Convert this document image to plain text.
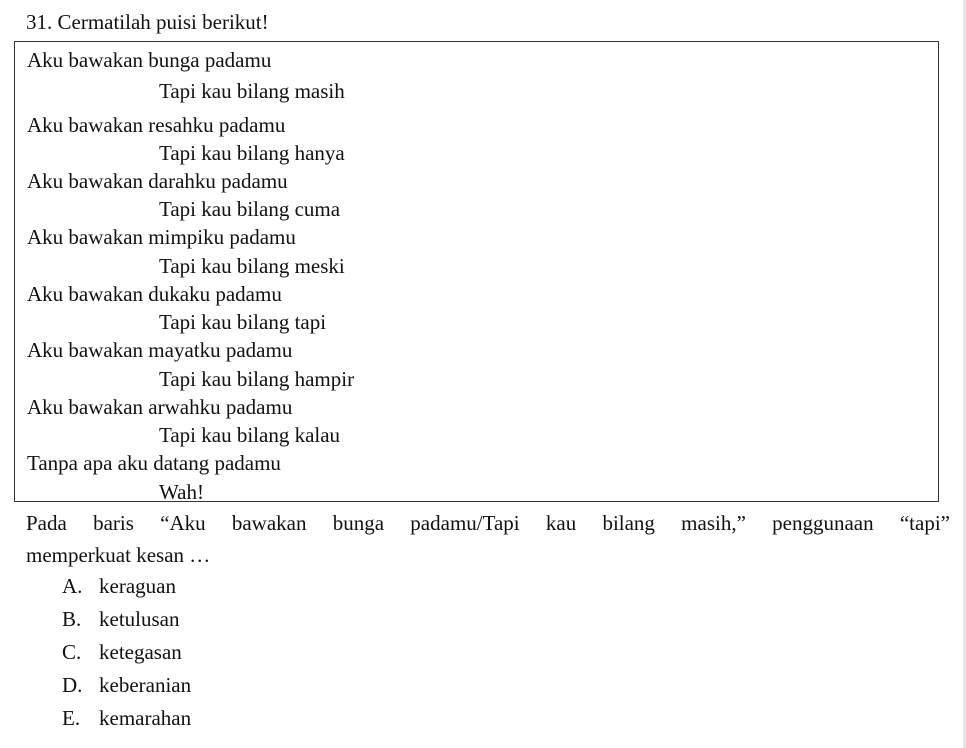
31. Cermatilah puisi berikut!
Aku bawakan bunga padamu
Tapi kau bilang masih
Aku bawakan resahku padamu
Tapi kau bilang hanya
Aku bawakan darahku padamu
Tapi kau bilang cuma
Aku bawakan mimpiku padamu
Tapi kau bilang meski
Aku bawakan dukaku padamu
Tapi kau bilang tapi
Aku bawakan mayatku padamu
Tapi kau bilang hampir
Aku bawakan arwahku padamu
Tapi kau bilang kalau
Tanpa apa aku datang padamu
Wah!
Pada baris “Aku bawakan bunga padamu/Tapi kau bilang masih,” penggunaan “tapi”
memperkuat kesan …
A. keraguan
B. ketulusan
C. ketegasan
D. keberanian
E. kemarahan
